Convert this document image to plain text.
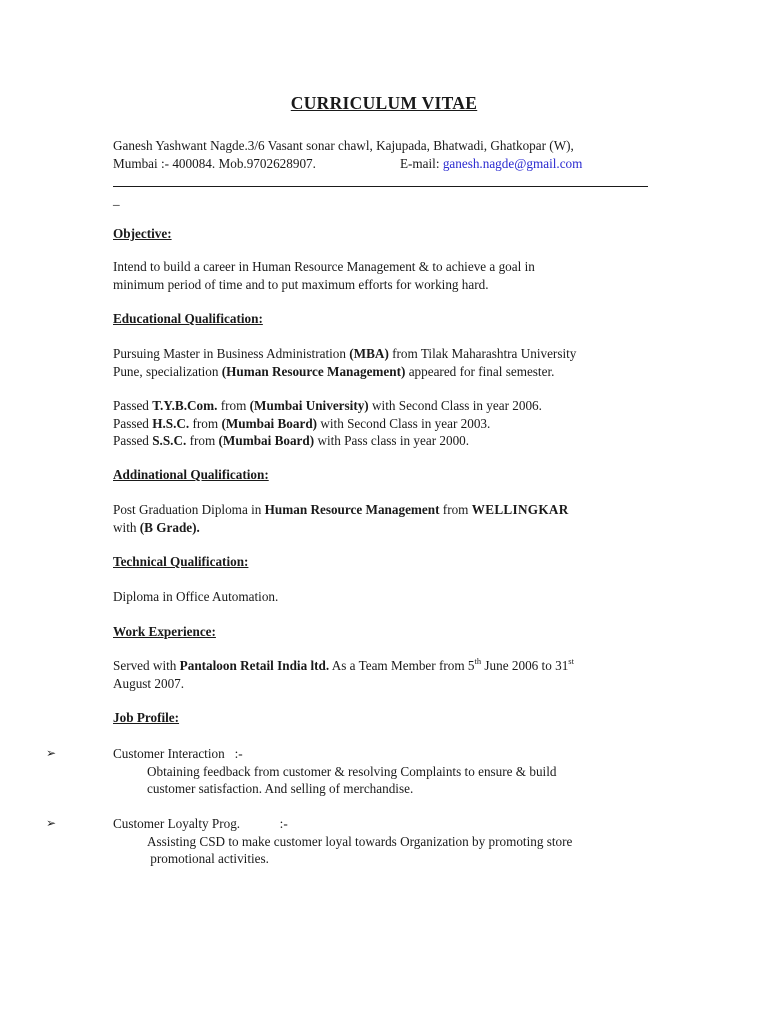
CURRICULUM VITAE
Ganesh Yashwant Nagde.3/6 Vasant sonar chawl, Kajupada, Bhatwadi, Ghatkopar (W),
Mumbai :- 400084. Mob.9702628907.	E-mail: ganesh.nagde@gmail.com
_
Objective:
Intend to build a career in Human Resource Management & to achieve a goal in
minimum period of time and to put maximum efforts for working hard.
Educational Qualification:
Pursuing Master in Business Administration (MBA) from Tilak Maharashtra University
Pune, specialization (Human Resource Management) appeared for final semester.
Passed T.Y.B.Com. from (Mumbai University) with Second Class in year 2006.
Passed H.S.C. from (Mumbai Board) with Second Class in year 2003.
Passed S.S.C. from (Mumbai Board) with Pass class in year 2000.
Addinational Qualification:
Post Graduation Diploma in Human Resource Management from WELLINGKAR
with (B Grade).
Technical Qualification:
Diploma in Office Automation.
Work Experience:
Served with Pantaloon Retail India ltd. As a Team Member from 5th June 2006 to 31st
August 2007.
Job Profile:
➢	Customer Interaction   :-
Obtaining feedback from customer & resolving Complaints to ensure & build
customer satisfaction. And selling of merchandise.
➢	Customer Loyalty Prog.            :-
Assisting CSD to make customer loyal towards Organization by promoting store
promotional activities.
